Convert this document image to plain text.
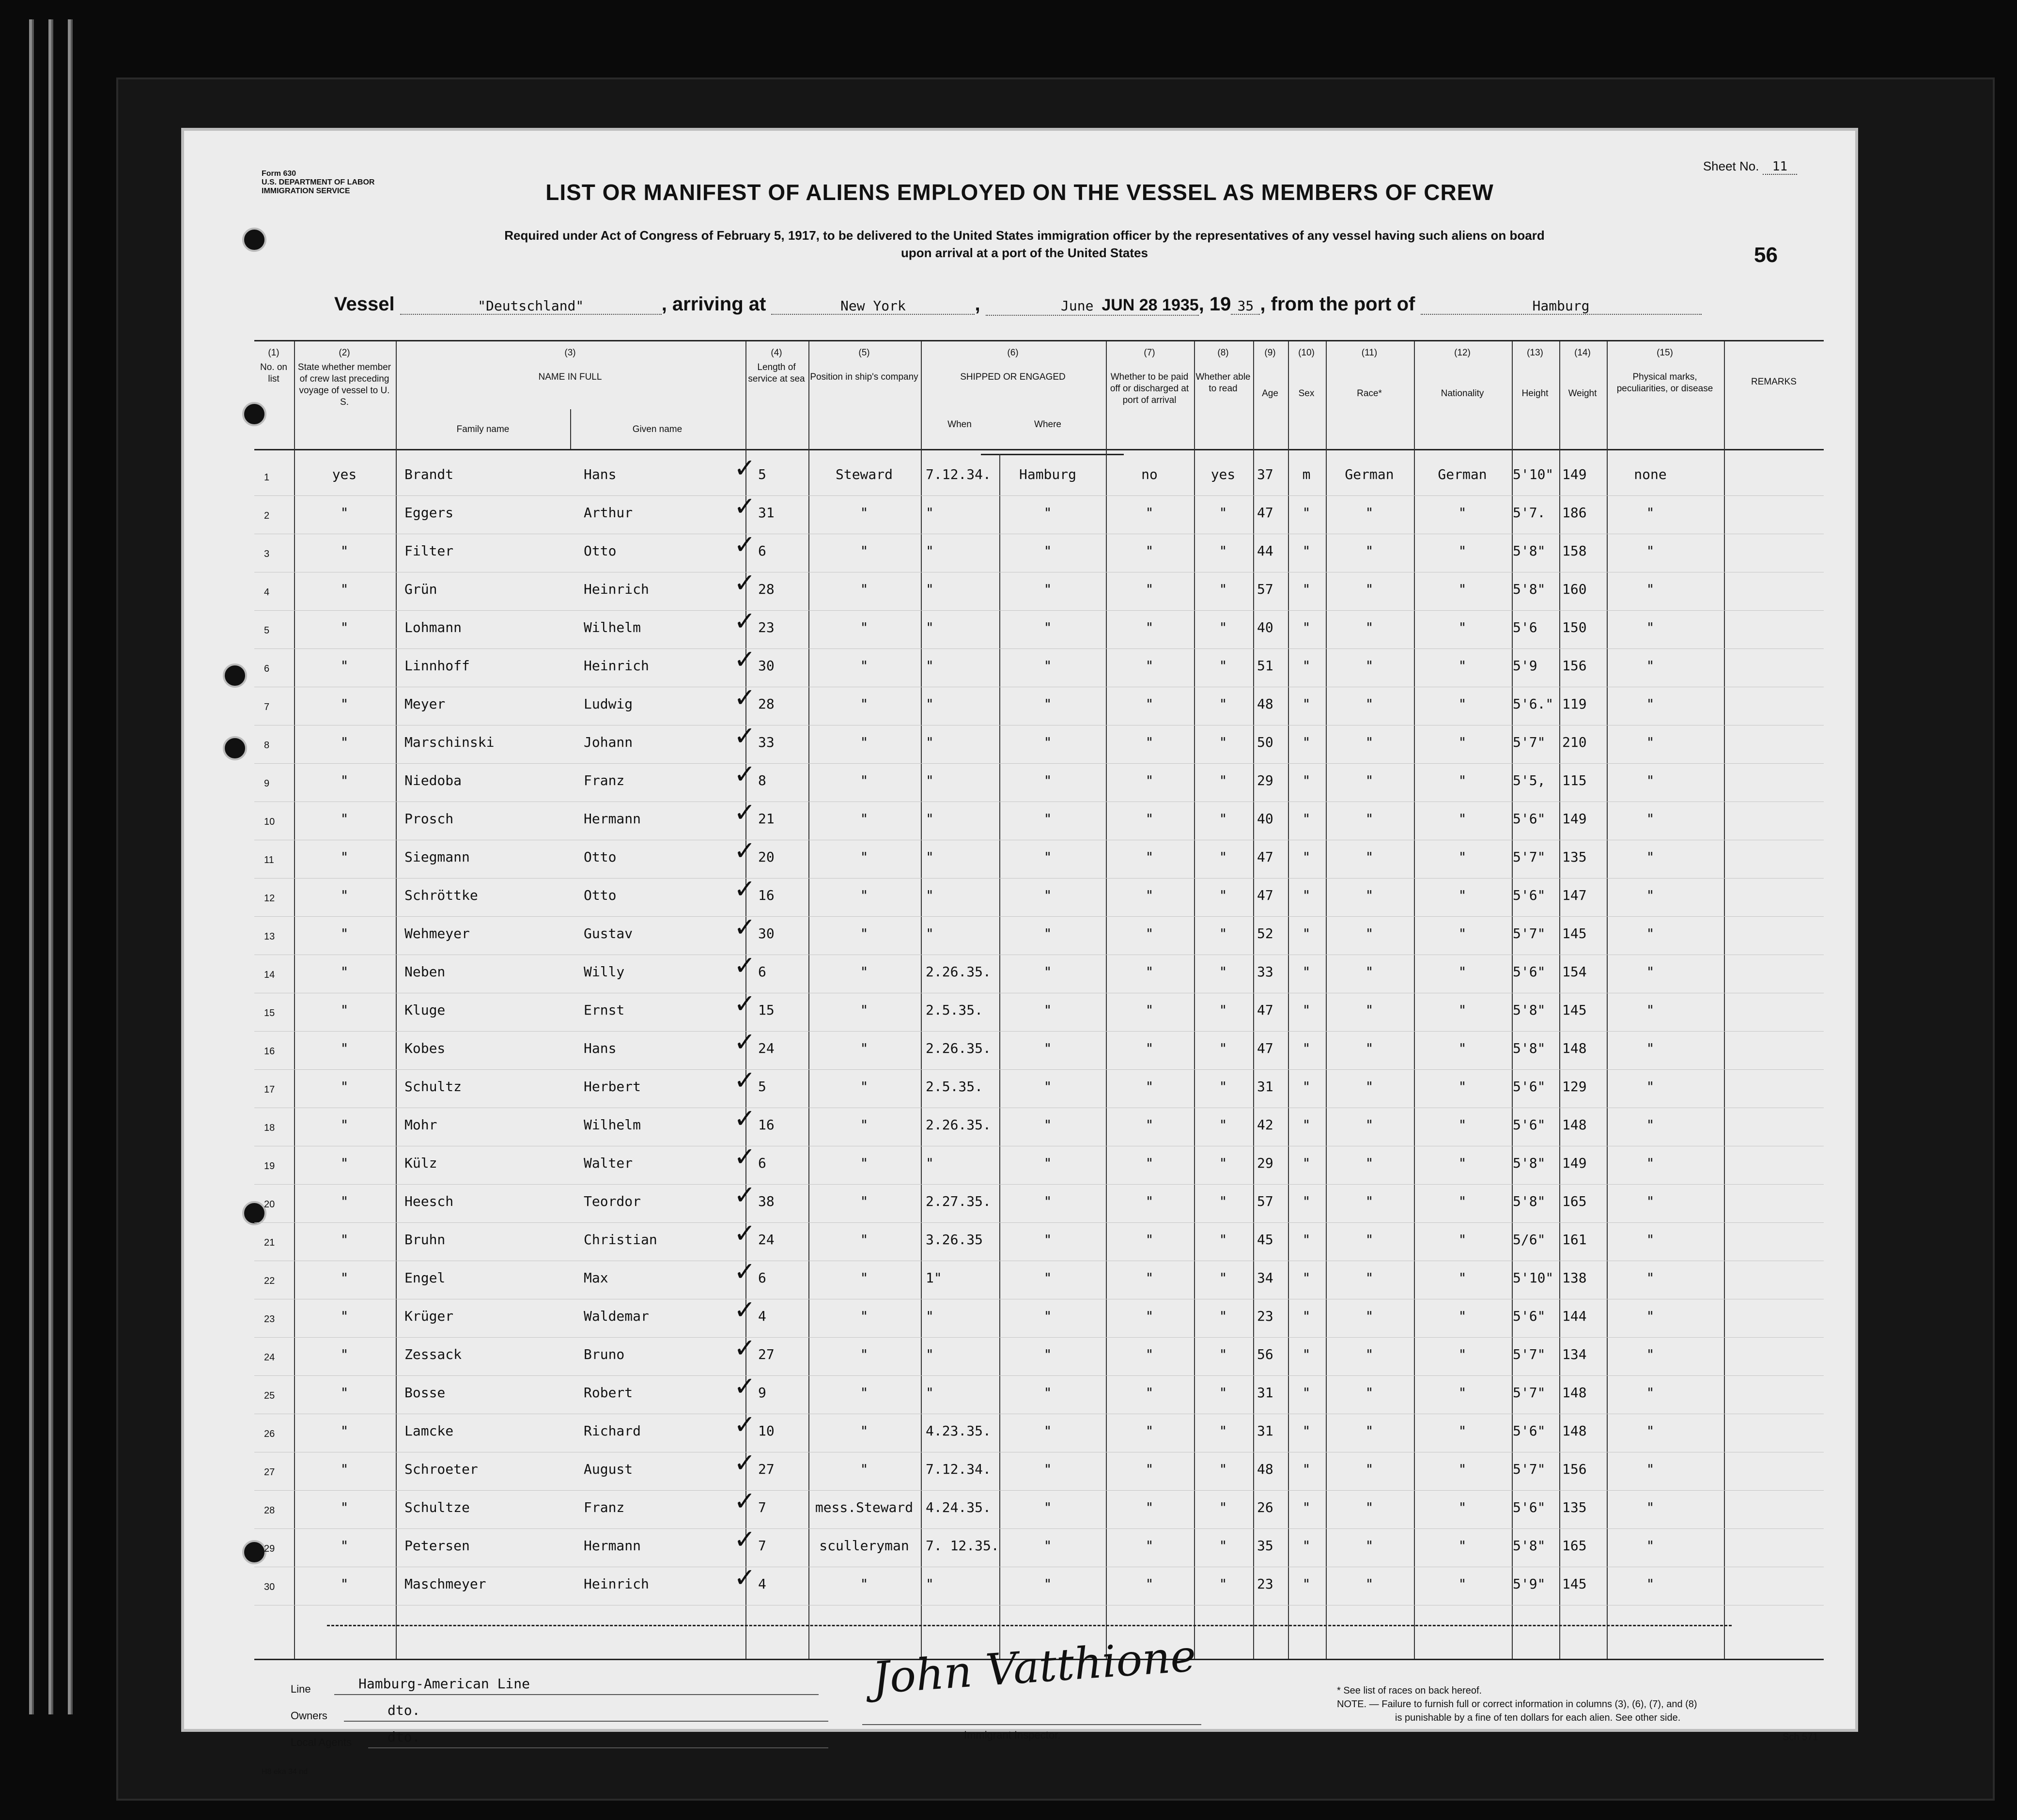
Form 630
U.S. DEPARTMENT OF LABOR
IMMIGRATION SERVICE
Sheet No. 11
LIST OR MANIFEST OF ALIENS EMPLOYED ON THE VESSEL AS MEMBERS OF CREW
Required under Act of Congress of February 5, 1917, to be delivered to the United States immigration officer by the representatives of any vessel having such aliens on board
upon arrival at a port of the United States	56
Vessel	"Deutschland"	, arriving at	New York	,	June JUN 28 1935, 19 35 , from the port of	Hamburg
(1)
No. on list
(2)
State whether member of crew last preceding voyage of vessel to U. S.
(3)
NAME IN FULL
Family name	Given name
(4)
Length of service at sea
(5)
Position in ship's company
(6)
SHIPPED OR ENGAGED
When	Where
(7)
Whether to be paid off or discharged at port of arrival
(8)
Whether able to read
(9)
Age
(10)
Sex
(11)
Race*
(12)
Nationality
(13)
Height
(14)
Weight
(15)
Physical marks, peculiarities, or disease
REMARKS
1	yes	Brandt	Hans	5	Steward	7.12.34.	Hamburg	no	yes	37	m	German	German	5'10" 149	none
✓
2	"	Eggers	Arthur	31	"	"	"	"	"	47	"	"	"	5'7. 186	"
✓
3	"	Filter	Otto	6	"	"	"	"	"	44	"	"	"	5'8" 158	"
✓
4	"	Grün	Heinrich	28	"	"	"	"	"	57	"	"	"	5'8" 160	"
✓
5	"	Lohmann	Wilhelm	23	"	"	"	"	"	40	"	"	"	5'6 150	"
✓
6	"	Linnhoff	Heinrich	30	"	"	"	"	"	51	"	"	"	5'9 156	"
✓
7	"	Meyer	Ludwig	28	"	"	"	"	"	48	"	"	"	5'6." 119	"
✓
8	"	Marschinski	Johann	33	"	"	"	"	"	50	"	"	"	5'7" 210	"
✓
9	"	Niedoba	Franz	8	"	"	"	"	"	29	"	"	"	5'5, 115	"
✓
10	"	Prosch	Hermann	21	"	"	"	"	"	40	"	"	"	5'6" 149	"
✓
11	"	Siegmann	Otto	20	"	"	"	"	"	47	"	"	"	5'7" 135	"
✓
12	"	Schröttke	Otto	16	"	"	"	"	"	47	"	"	"	5'6" 147	"
✓
13	"	Wehmeyer	Gustav	30	"	"	"	"	"	52	"	"	"	5'7" 145	"
✓
14	"	Neben	Willy	6	"	2.26.35.	"	"	"	33	"	"	"	5'6" 154	"
✓
15	"	Kluge	Ernst	15	"	2.5.35.	"	"	"	47	"	"	"	5'8" 145	"
✓
16	"	Kobes	Hans	24	"	2.26.35.	"	"	"	47	"	"	"	5'8" 148	"
✓
17	"	Schultz	Herbert	5	"	2.5.35.	"	"	"	31	"	"	"	5'6" 129	"
✓
18	"	Mohr	Wilhelm	16	"	2.26.35.	"	"	"	42	"	"	"	5'6" 148	"
✓
19	"	Külz	Walter	6	"	"	"	"	"	29	"	"	"	5'8" 149	"
✓
20	"	Heesch	Teordor	38	"	2.27.35.	"	"	"	57	"	"	"	5'8" 165	"
✓
21	"	Bruhn	Christian	24	"	3.26.35	"	"	"	45	"	"	"	5/6" 161	"
✓
22	"	Engel	Max	6	"	1"	"	"	"	34	"	"	"	5'10" 138	"
✓
23	"	Krüger	Waldemar	4	"	"	"	"	"	23	"	"	"	5'6" 144	"
✓
24	"	Zessack	Bruno	27	"	"	"	"	"	56	"	"	"	5'7" 134	"
✓
25	"	Bosse	Robert	9	"	"	"	"	"	31	"	"	"	5'7" 148	"
✓
26	"	Lamcke	Richard	10	"	4.23.35.	"	"	"	31	"	"	"	5'6" 148	"
✓
27	"	Schroeter	August	27	"	7.12.34.	"	"	"	48	"	"	"	5'7" 156	"
✓
28	"	Schultze	Franz	7	mess.Steward 4.24.35.	"	"	"	26	"	"	"	5'6" 135	"
✓
29	"	Petersen	Hermann	7	sculleryman	7. 12.35.	"	"	"	35	"	"	"	5'8" 165	"
✓
30	"	Maschmeyer	Heinrich	4	"	"	"	"	"	23	"	"	"	5'9" 145	"
✓
Line	Hamburg-American Line
Owners	dto.
Local Agents	dto.
John Vatthione
Immigrant Inspector.
* See list of races on back hereof.
NOTE. — Failure to furnish full or correct information in columns (3), (6), (7), and (8)
is punishable by a fine of ten dollars for each alien. See other side.
Sch 571
H8 eka 34 nd
